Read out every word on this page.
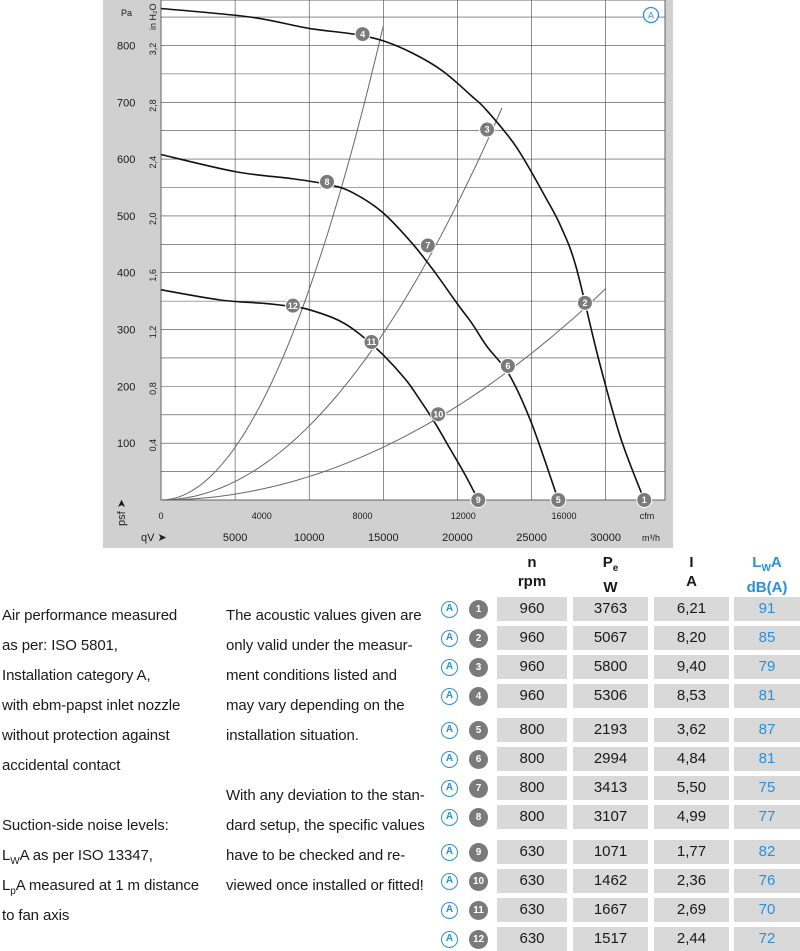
100
200
300
400
500
600
700
800
Pa
0,4
0,8
1,2
1,6
2,0
2,4
2,8
3,2
in H₂O
0	4000	8000	12000	16000	cfm
5000	10000	15000	20000	25000	30000 m³/h
qV ➤
psf ➤	1
2
3
4
5
6
7
8
9
10
11
12
A
Air performance measured
as per: ISO 5801,
Installation category A,
with ebm-papst inlet nozzle
without protection against
accidental contact
Suction-side noise levels:
$L_WA$ as per ISO 13347,
$L_pA$ measured at 1 m distance
to fan axis
The acoustic values given are
only valid under the measur-
ment conditions listed and
may vary depending on the
installation situation.
With any deviation to the stan-
dard setup, the specific values
have to be checked and re-
viewed once installed or fitted!
n
rpm
$P_e$
W
I
A
$L_WA$
dB(A)
A	1	960	3763	6,21	91
A	2	960	5067	8,20	85
A	3	960	5800	9,40	79
A	4	960	5306	8,53	81
A	5	800	2193	3,62	87
A	6	800	2994	4,84	81
A	7	800	3413	5,50	75
A	8	800	3107	4,99	77
A	9	630	1071	1,77	82
A	10	630	1462	2,36	76
A	11	630	1667	2,69	70
A	12	630	1517	2,44	72
